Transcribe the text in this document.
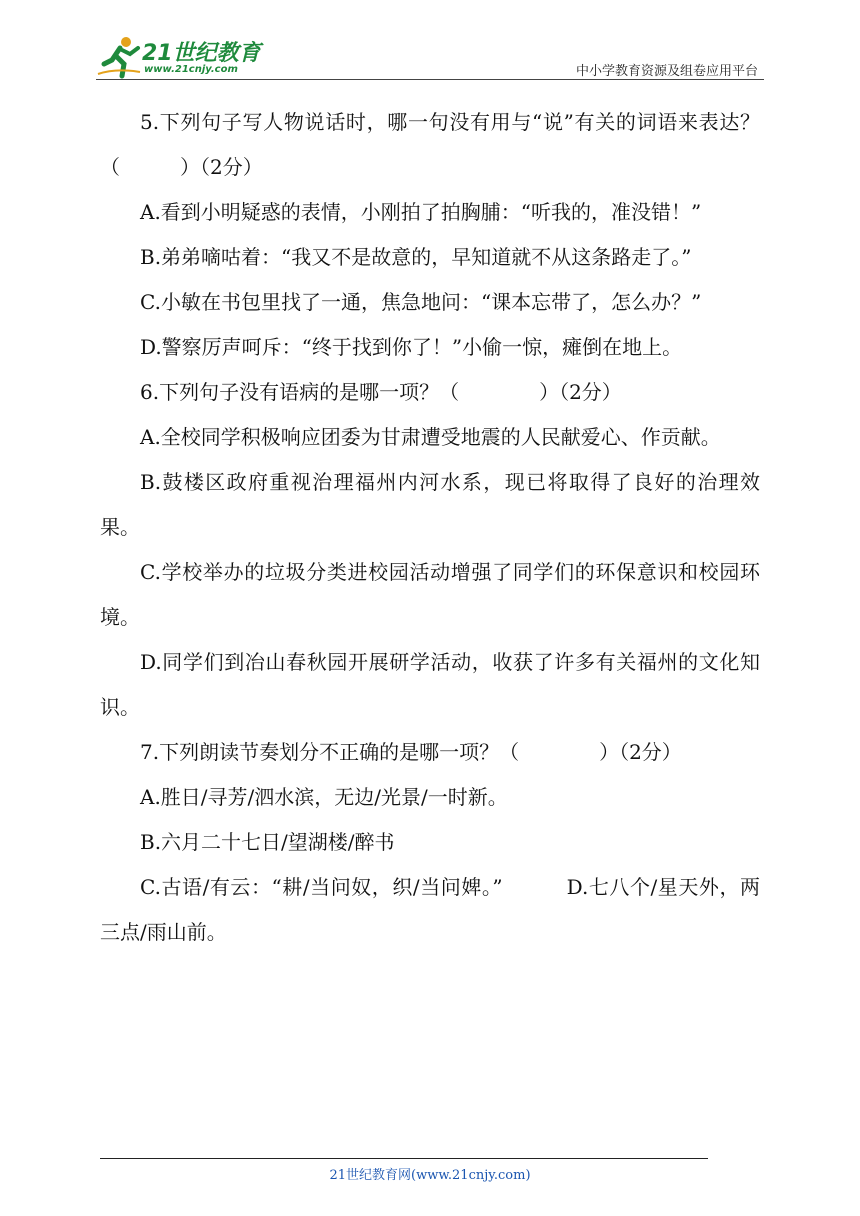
21世纪教育
www.21cnjy.com	中小学教育资源及组卷应用平台

5.下列句子写人物说话时，哪一句没有用与“说”有关的词语来表达？（　　　）（2分）

A.看到小明疑惑的表情，小刚拍了拍胸脯：“听我的，准没错！”

B.弟弟嘀咕着：“我又不是故意的，早知道就不从这条路走了。”

C.小敏在书包里找了一通，焦急地问：“课本忘带了，怎么办？”

D.警察厉声呵斥：“终于找到你了！”小偷一惊，瘫倒在地上。

6.下列句子没有语病的是哪一项？（　　　　）（2分）

A.全校同学积极响应团委为甘肃遭受地震的人民献爱心、作贡献。

B.鼓楼区政府重视治理福州内河水系，现已将取得了良好的治理效果。

C.学校举办的垃圾分类进校园活动增强了同学们的环保意识和校园环境。

D.同学们到冶山春秋园开展研学活动，收获了许多有关福州的文化知识。

7.下列朗读节奏划分不正确的是哪一项？（　　　　）（2分）

A.胜日/寻芳/泗水滨，无边/光景/一时新。

B.六月二十七日/望湖楼/醉书

C.古语/有云：“耕/当问奴，织/当问婢。”	D.七八个/星天外，两三点/雨山前。

21世纪教育网(www.21cnjy.com)
